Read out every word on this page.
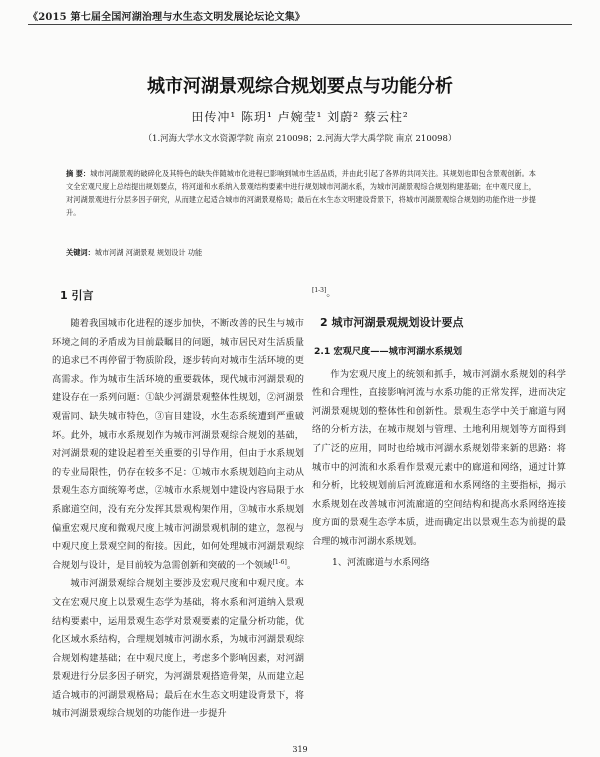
《2015 第七届全国河湖治理与水生态文明发展论坛论文集》
城市河湖景观综合规划要点与功能分析
田传冲¹ 陈玥¹ 卢婉莹¹ 刘蔚² 蔡云柱²
（1.河海大学水文水资源学院 南京 210098；2.河海大学大禹学院 南京 210098）
摘 要：城市河湖景观的破碎化及其特色的缺失伴随城市化进程已影响到城市生活品质，并由此引起了各界的共同关注。其规划也即包含景观创新。本文全宏观尺度上总结提出规划要点，将河道和水系纳入景观结构要素中进行规划城市河湖水系，为城市河湖景观综合规划构建基础；在中观尺度上，对河湖景观进行分层多因子研究，从而建立起适合城市的河湖景观格局；最后在水生态文明建设背景下，将城市河湖景观综合规划的功能作进一步提升。
关键词：城市河湖 河湖景观 规划设计 功能
1 引言

随着我国城市化进程的逐步加快，不断改善的民生与城市环境之间的矛盾成为目前最瞩目的问题，城市居民对生活质量的追求已不再停留于物质阶段，逐步转向对城市生活环境的更高需求。作为城市生活环境的重要载体，现代城市河湖景观的建设存在一系列问题：①缺少河湖景观整体性规划，②河湖景观雷同、缺失城市特色，③盲目建设，水生态系统遭到严重破坏。此外，城市水系规划作为城市河湖景观综合规划的基础，对河湖景观的建设起着至关重要的引导作用，但由于水系规划的专业局限性，仍存在较多不足：①城市水系规划趋向主动从景观生态方面统筹考虑，②城市水系规划中建设内容局限于水系廊道空间，没有充分发挥其景观构架作用，③城市水系规划偏重宏观尺度和微观尺度上城市河湖景观机制的建立，忽视与中观尺度上景观空间的衔接。因此，如何处理城市河湖景观综合规划与设计，是目前较为急需创新和突破的一个领域[1-6]。

城市河湖景观综合规划主要涉及宏观尺度和中观尺度。本文在宏观尺度上以景观生态学为基础，将水系和河道纳入景观结构要素中，运用景观生态学对景观要素的定量分析功能，优化区域水系结构，合理规划城市河湖水系，为城市河湖景观综合规划构建基础；在中观尺度上，考虑多个影响因素，对河湖景观进行分层多因子研究，为河湖景观搭造骨架，从而建立起适合城市的河湖景观格局；最后在水生态文明建设背景下，将城市河湖景观综合规划的功能作进一步提升

[1-3]。

2 城市河湖景观规划设计要点
2.1 宏观尺度——城市河湖水系规划

作为宏观尺度上的统领和抓手，城市河湖水系规划的科学性和合理性，直接影响河流与水系功能的正常发挥，进而决定河湖景观规划的整体性和创新性。景观生态学中关于廊道与网络的分析方法，在城市规划与管理、土地利用规划等方面得到了广泛的应用，同时也给城市河湖水系规划带来新的思路：将城市中的河流和水系看作景观元素中的廊道和网络，通过计算和分析，比较规划前后河流廊道和水系网络的主要指标，揭示水系规划在改善城市河流廊道的空间结构和提高水系网络连接度方面的景观生态学本质，进而确定出以景观生态为前提的最合理的城市河湖水系规划。

1、河流廊道与水系网络
319
